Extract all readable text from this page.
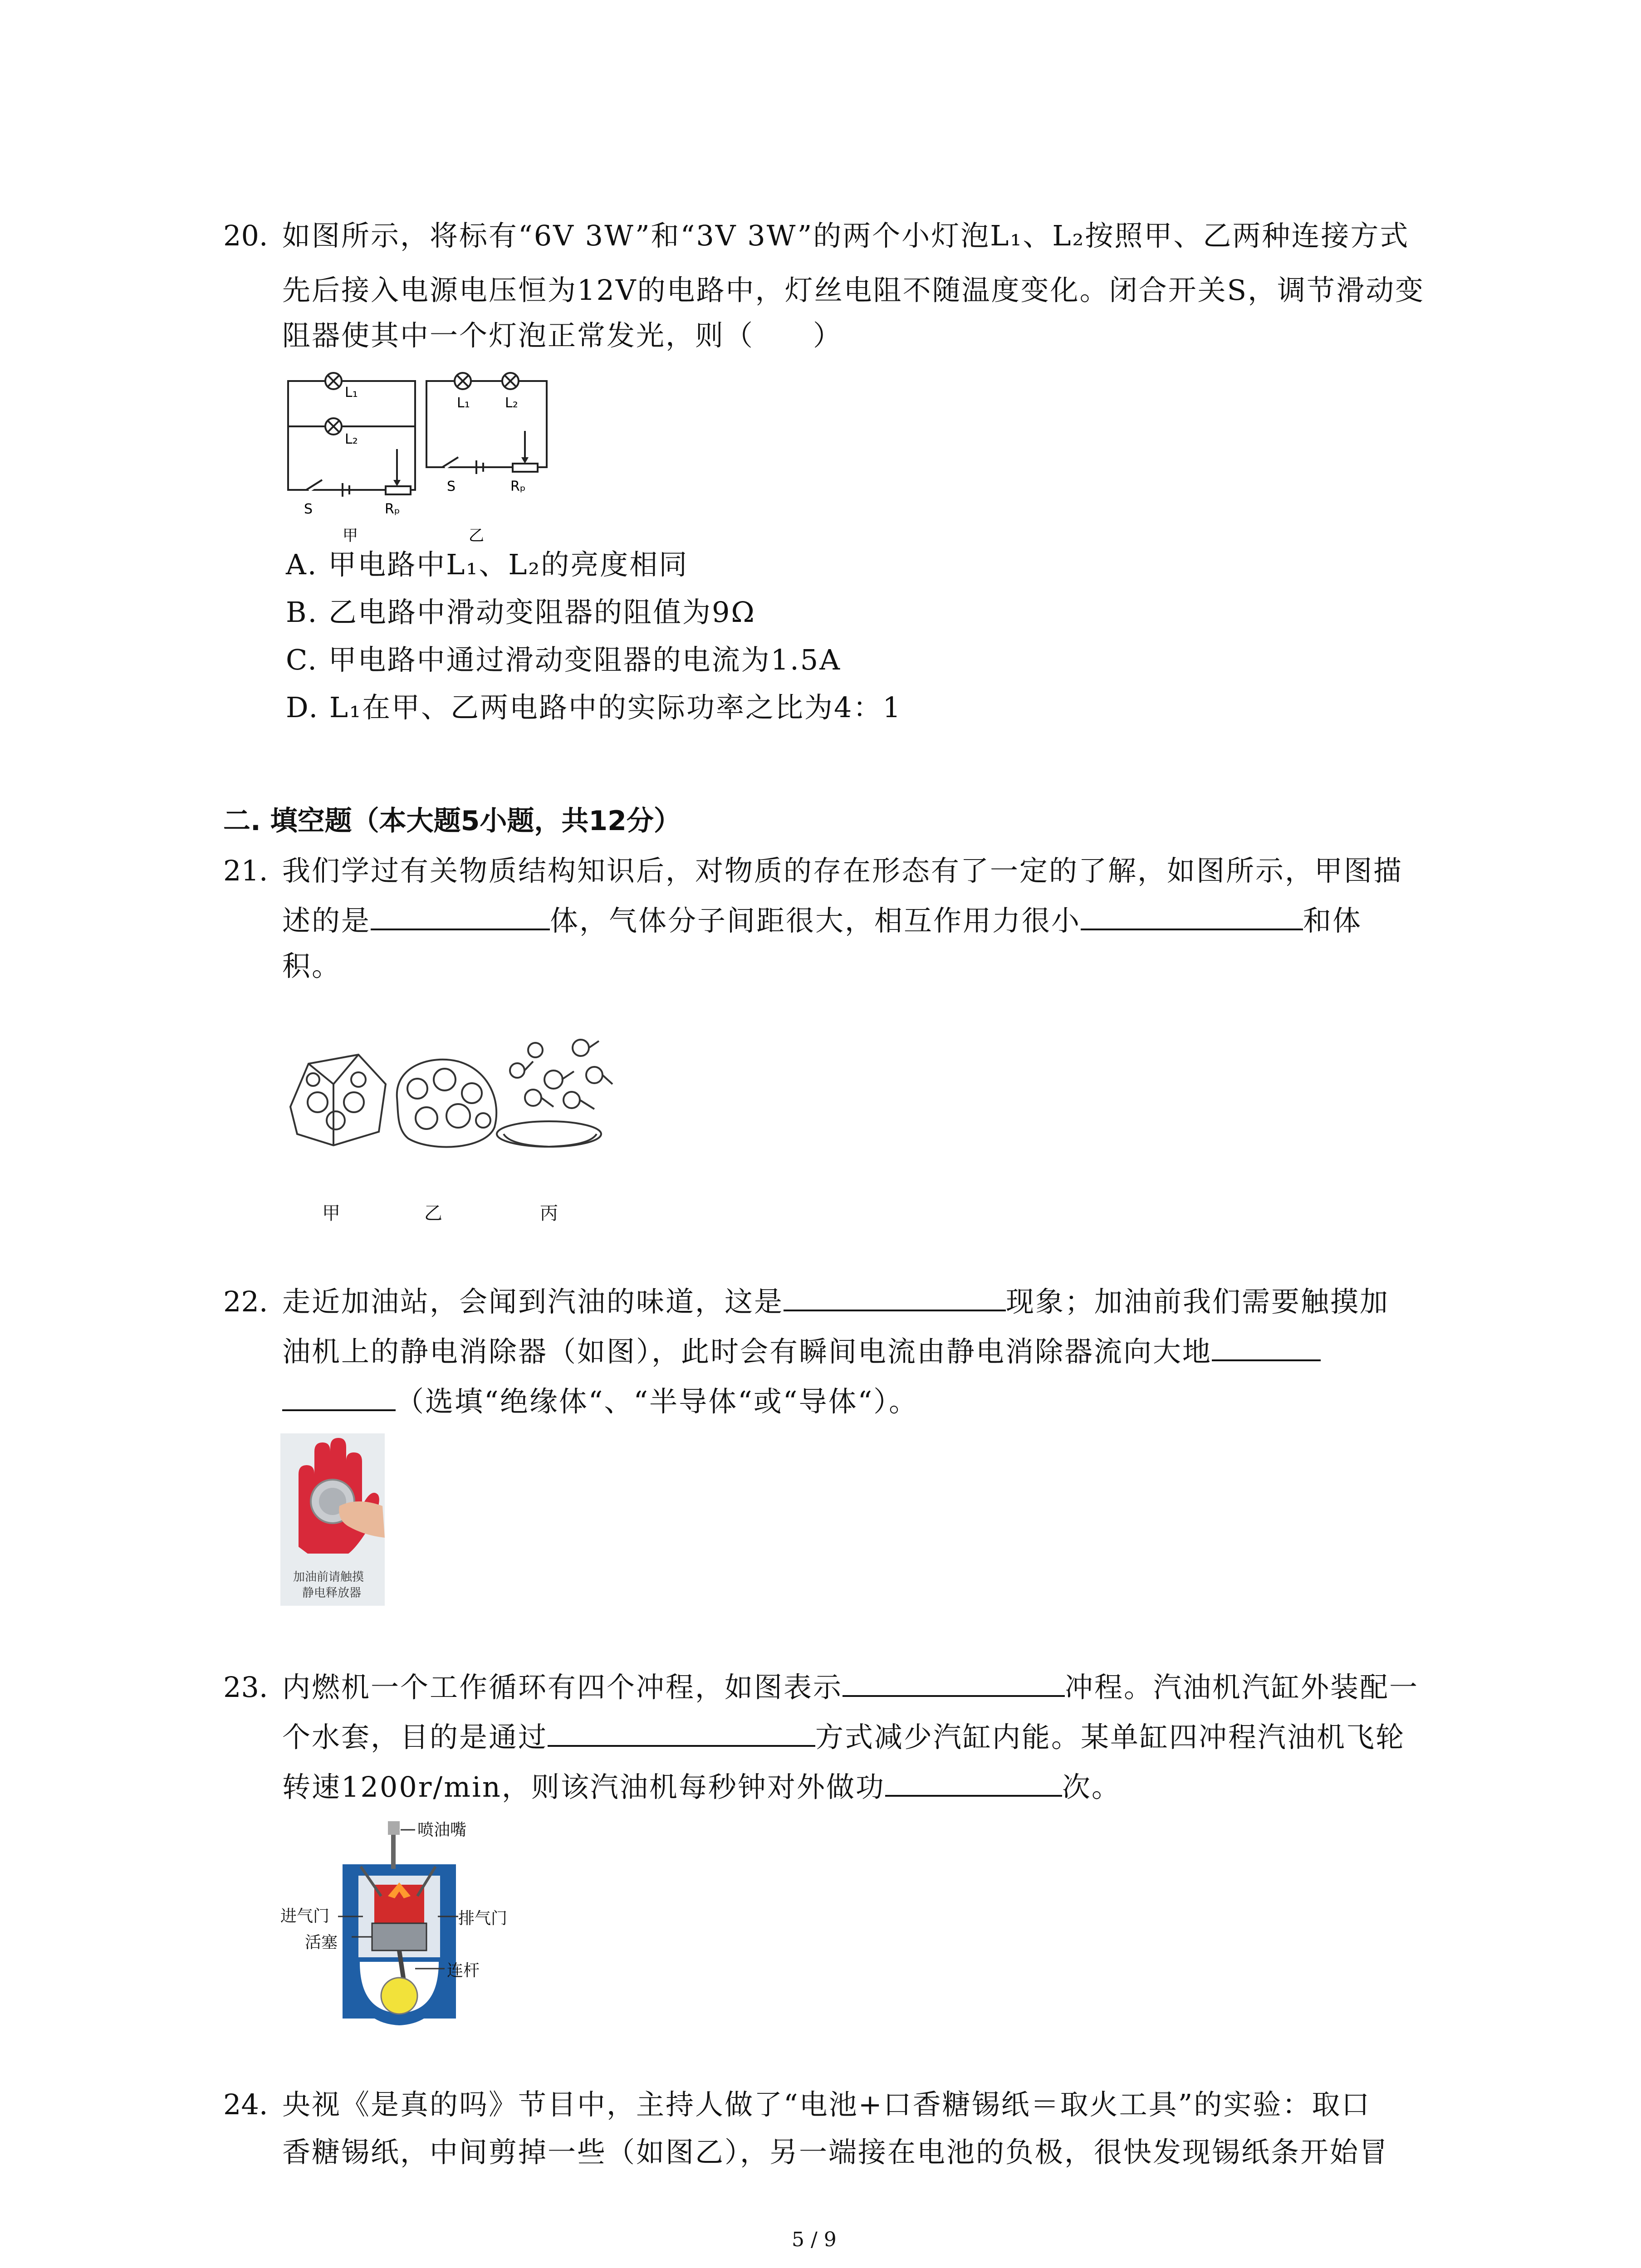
20. 如图所示，将标有“6V 3W”和“3V 3W”的两个小灯泡L₁、L₂按照甲、乙两种连接方式
先后接入电源电压恒为12V的电路中，灯丝电阻不随温度变化。闭合开关S，调节滑动变
阻器使其中一个灯泡正常发光，则（　　）
L₁
L₂
S	Rₚ
甲
L₁	L₂
S	Rₚ
乙
A. 甲电路中L₁、L₂的亮度相同
B. 乙电路中滑动变阻器的阻值为9Ω
C. 甲电路中通过滑动变阻器的电流为1.5A
D. L₁在甲、乙两电路中的实际功率之比为4：1
二. 填空题（本大题5小题，共12分）
21. 我们学过有关物质结构知识后，对物质的存在形态有了一定的了解，如图所示，甲图描
述的是	体，气体分子间距很大，相互作用力很小	和体
积。
甲	乙	丙
22. 走近加油站，会闻到汽油的味道，这是	现象；加油前我们需要触摸加
油机上的静电消除器（如图），此时会有瞬间电流由静电消除器流向大地
（选填“绝缘体“、“半导体“或“导体“）。
加油前请触摸
静电释放器
23. 内燃机一个工作循环有四个冲程，如图表示	冲程。汽油机汽缸外装配一
个水套，目的是通过	方式减少汽缸内能。某单缸四冲程汽油机飞轮
转速1200r/min，则该汽油机每秒钟对外做功	次。
喷油嘴
进气门	排气门
活塞
连杆
24. 央视《是真的吗》节目中，主持人做了“电池+口香糖锡纸＝取火工具”的实验：取口
香糖锡纸，中间剪掉一些（如图乙），另一端接在电池的负极，很快发现锡纸条开始冒
5 / 9
